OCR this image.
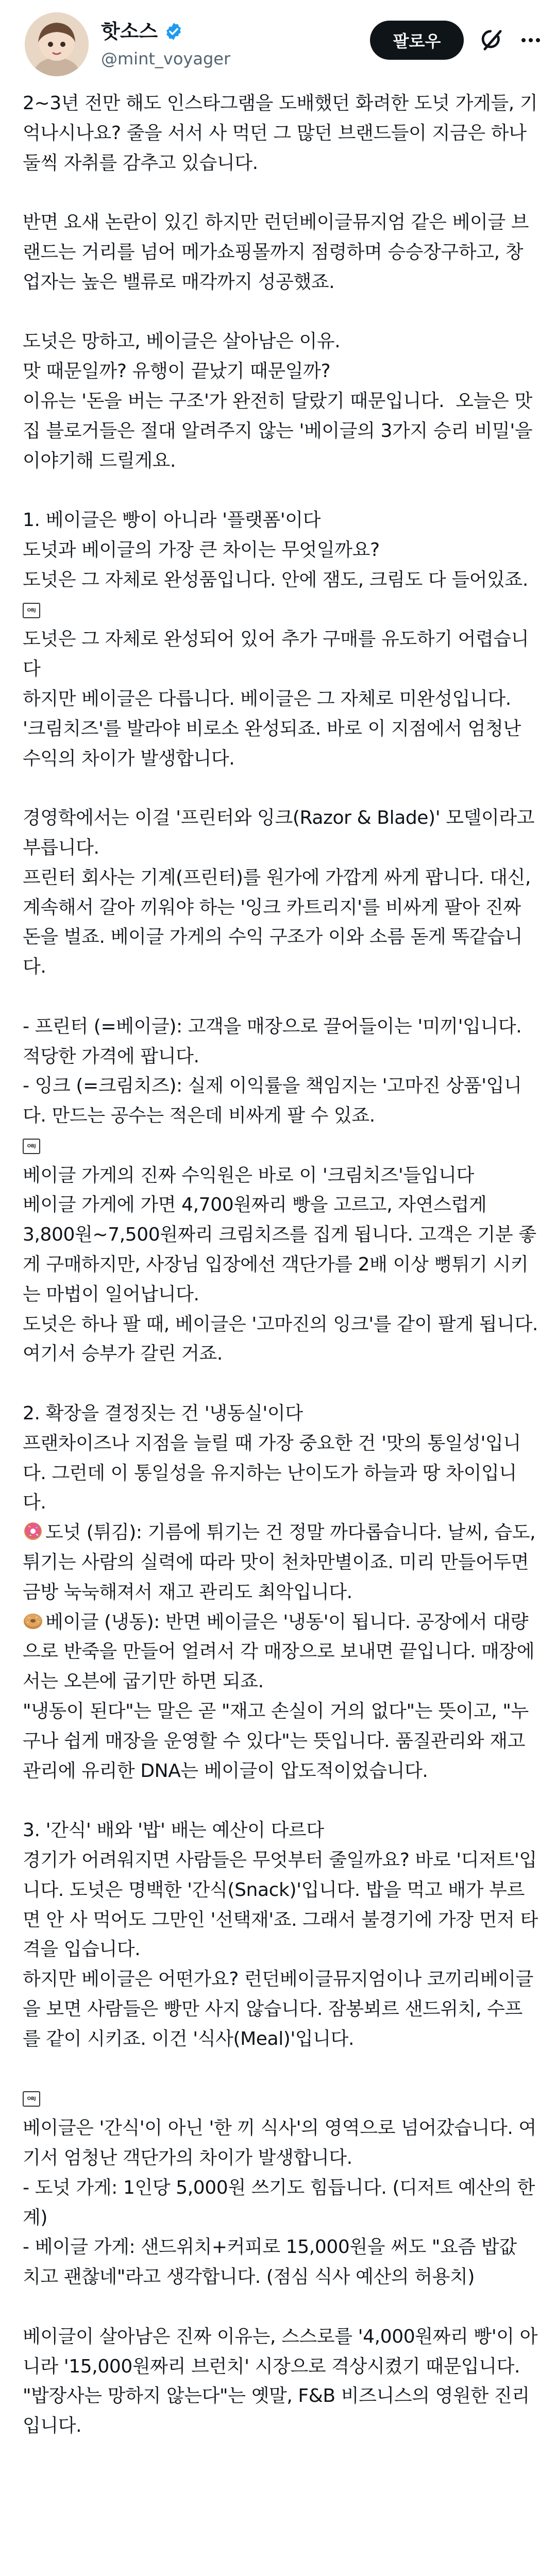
핫소스
@mint_voyager
팔로우

2~3년 전만 해도 인스타그램을 도배했던 화려한 도넛 가게들, 기억나시나요? 줄을 서서 사 먹던 그 많던 브랜드들이 지금은 하나둘씩 자취를 감추고 있습니다.

반면 요새 논란이 있긴 하지만 런던베이글뮤지엄 같은 베이글 브랜드는 거리를 넘어 메가쇼핑몰까지 점령하며 승승장구하고, 창업자는 높은 밸류로 매각까지 성공했죠.

도넛은 망하고, 베이글은 살아남은 이유.

맛 때문일까? 유행이 끝났기 때문일까?

이유는 '돈을 버는 구조'가 완전히 달랐기 때문입니다.  오늘은 맛집 블로거들은 절대 알려주지 않는 '베이글의 3가지 승리 비밀'을 이야기해 드릴게요.

1. 베이글은 빵이 아니라 '플랫폼'이다

도넛과 베이글의 가장 큰 차이는 무엇일까요?

도넛은 그 자체로 완성품입니다. 안에 잼도, 크림도 다 들어있죠.

OBJ

도넛은 그 자체로 완성되어 있어 추가 구매를 유도하기 어렵습니다

하지만 베이글은 다릅니다. 베이글은 그 자체로 미완성입니다. '크림치즈'를 발라야 비로소 완성되죠. 바로 이 지점에서 엄청난 수익의 차이가 발생합니다.

경영학에서는 이걸 '프린터와 잉크(Razor & Blade)' 모델이라고 부릅니다.

프린터 회사는 기계(프린터)를 원가에 가깝게 싸게 팝니다. 대신, 계속해서 갈아 끼워야 하는 '잉크 카트리지'를 비싸게 팔아 진짜 돈을 벌죠. 베이글 가게의 수익 구조가 이와 소름 돋게 똑같습니다.

- 프린터 (=베이글): 고객을 매장으로 끌어들이는 '미끼'입니다. 적당한 가격에 팝니다.

- 잉크 (=크림치즈): 실제 이익률을 책임지는 '고마진 상품'입니다. 만드는 공수는 적은데 비싸게 팔 수 있죠.

OBJ

베이글 가게의 진짜 수익원은 바로 이 '크림치즈'들입니다

베이글 가게에 가면 4,700원짜리 빵을 고르고, 자연스럽게 3,800원~7,500원짜리 크림치즈를 집게 됩니다. 고객은 기분 좋게 구매하지만, 사장님 입장에선 객단가를 2배 이상 뻥튀기 시키는 마법이 일어납니다.

도넛은 하나 팔 때, 베이글은 '고마진의 잉크'를 같이 팔게 됩니다. 여기서 승부가 갈린 거죠.

2. 확장을 결정짓는 건 '냉동실'이다

프랜차이즈나 지점을 늘릴 때 가장 중요한 건 '맛의 통일성'입니다. 그런데 이 통일성을 유지하는 난이도가 하늘과 땅 차이입니다.

도넛 (튀김): 기름에 튀기는 건 정말 까다롭습니다. 날씨, 습도, 튀기는 사람의 실력에 따라 맛이 천차만별이죠. 미리 만들어두면 금방 눅눅해져서 재고 관리도 최악입니다.

베이글 (냉동): 반면 베이글은 '냉동'이 됩니다. 공장에서 대량으로 반죽을 만들어 얼려서 각 매장으로 보내면 끝입니다. 매장에서는 오븐에 굽기만 하면 되죠.

"냉동이 된다"는 말은 곧 "재고 손실이 거의 없다"는 뜻이고, "누구나 쉽게 매장을 운영할 수 있다"는 뜻입니다. 품질관리와 재고관리에 유리한 DNA는 베이글이 압도적이었습니다.

3. '간식' 배와 '밥' 배는 예산이 다르다

경기가 어려워지면 사람들은 무엇부터 줄일까요? 바로 '디저트'입니다. 도넛은 명백한 '간식(Snack)'입니다. 밥을 먹고 배가 부르면 안 사 먹어도 그만인 '선택재'죠. 그래서 불경기에 가장 먼저 타격을 입습니다.

하지만 베이글은 어떤가요? 런던베이글뮤지엄이나 코끼리베이글을 보면 사람들은 빵만 사지 않습니다. 잠봉뵈르 샌드위치, 수프를 같이 시키죠. 이건 '식사(Meal)'입니다.

OBJ

베이글은 '간식'이 아닌 '한 끼 식사'의 영역으로 넘어갔습니다. 여기서 엄청난 객단가의 차이가 발생합니다.

- 도넛 가게: 1인당 5,000원 쓰기도 힘듭니다. (디저트 예산의 한계)

- 베이글 가게: 샌드위치+커피로 15,000원을 써도 "요즘 밥값 치고 괜찮네"라고 생각합니다. (점심 식사 예산의 허용치)

베이글이 살아남은 진짜 이유는, 스스로를 '4,000원짜리 빵'이 아니라 '15,000원짜리 브런치' 시장으로 격상시켰기 때문입니다.

"밥장사는 망하지 않는다"는 옛말, F&B 비즈니스의 영원한 진리입니다.
